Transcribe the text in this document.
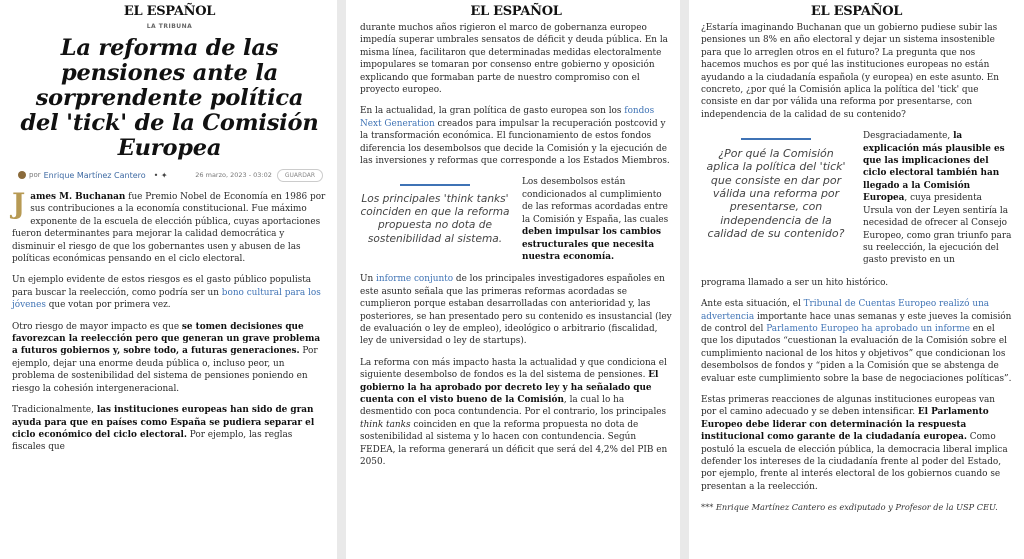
EL ESPAÑOL
LA TRIBUNA
La reforma de las pensiones ante la sorprendente política del 'tick' de la Comisión Europea
por Enrique Martínez Cantero • ✦	26 marzo, 2023 - 03:02	GUARDAR

James M. Buchanan fue Premio Nobel de Economía en 1986 por sus contribuciones a la economía constitucional. Fue máximo exponente de la escuela de elección pública, cuyas aportaciones fueron determinantes para mejorar la calidad democrática y disminuir el riesgo de que los gobernantes usen y abusen de las políticas económicas pensando en el ciclo electoral.

Un ejemplo evidente de estos riesgos es el gasto público populista para buscar la reelección, como podría ser un bono cultural para los jóvenes que votan por primera vez.

Otro riesgo de mayor impacto es que se tomen decisiones que favorezcan la reelección pero que generan un grave problema a futuros gobiernos y, sobre todo, a futuras generaciones. Por ejemplo, dejar una enorme deuda pública o, incluso peor, un problema de sostenibilidad del sistema de pensiones poniendo en riesgo la cohesión intergeneracional.

Tradicionalmente, las instituciones europeas han sido de gran ayuda para que en países como España se pudiera separar el ciclo económico del ciclo electoral. Por ejemplo, las reglas fiscales que

EL ESPAÑOL

durante muchos años rigieron el marco de gobernanza europeo impedía superar umbrales sensatos de déficit y deuda pública. En la misma línea, facilitaron que determinadas medidas electoralmente impopulares se tomaran por consenso entre gobierno y oposición explicando que formaban parte de nuestro compromiso con el proyecto europeo.

En la actualidad, la gran política de gasto europea son los fondos Next Generation creados para impulsar la recuperación postcovid y la transformación económica. El funcionamiento de estos fondos diferencia los desembolsos que decide la Comisión y la ejecución de las inversiones y reformas que corresponde a los Estados Miembros.

Los principales 'think tanks' coinciden en que la reforma propuesta no dota de sostenibilidad al sistema.

Los desembolsos están condicionados al cumplimiento de las reformas acordadas entre la Comisión y España, las cuales deben impulsar los cambios estructurales que necesita nuestra economía.

Un informe conjunto de los principales investigadores españoles en este asunto señala que las primeras reformas acordadas se cumplieron porque estaban desarrolladas con anterioridad y, las posteriores, se han presentado pero su contenido es insustancial (ley de evaluación o ley de empleo), ideológico o arbitrario (fiscalidad, ley de universidad o ley de startups).

La reforma con más impacto hasta la actualidad y que condiciona el siguiente desembolso de fondos es la del sistema de pensiones. El gobierno la ha aprobado por decreto ley y ha señalado que cuenta con el visto bueno de la Comisión, la cual lo ha desmentido con poca contundencia. Por el contrario, los principales think tanks coinciden en que la reforma propuesta no dota de sostenibilidad al sistema y lo hacen con contundencia. Según FEDEA, la reforma generará un déficit que será del 4,2% del PIB en 2050.

EL ESPAÑOL

¿Estaría imaginando Buchanan que un gobierno pudiese subir las pensiones un 8% en año electoral y dejar un sistema insostenible para que lo arreglen otros en el futuro? La pregunta que nos hacemos muchos es por qué las instituciones europeas no están ayudando a la ciudadanía española (y europea) en este asunto. En concreto, ¿por qué la Comisión aplica la política del 'tick' que consiste en dar por válida una reforma por presentarse, con independencia de la calidad de su contenido?

¿Por qué la Comisión aplica la política del 'tick' que consiste en dar por válida una reforma por presentarse, con independencia de la calidad de su contenido?

Desgraciadamente, la explicación más plausible es que las implicaciones del ciclo electoral también han llegado a la Comisión Europea, cuya presidenta Ursula von der Leyen sentiría la necesidad de ofrecer al Consejo Europeo, como gran triunfo para su reelección, la ejecución del gasto previsto en un

programa llamado a ser un hito histórico.

Ante esta situación, el Tribunal de Cuentas Europeo realizó una advertencia importante hace unas semanas y este jueves la comisión de control del Parlamento Europeo ha aprobado un informe en el que los diputados “cuestionan la evaluación de la Comisión sobre el cumplimiento nacional de los hitos y objetivos” que condicionan los desembolsos de fondos y “piden a la Comisión que se abstenga de evaluar este cumplimiento sobre la base de negociaciones políticas”.

Estas primeras reacciones de algunas instituciones europeas van por el camino adecuado y se deben intensificar. El Parlamento Europeo debe liderar con determinación la respuesta institucional como garante de la ciudadanía europea. Como postuló la escuela de elección pública, la democracia liberal implica defender los intereses de la ciudadanía frente al poder del Estado, por ejemplo, frente al interés electoral de los gobiernos cuando se presentan a la reelección.

*** Enrique Martínez Cantero es exdiputado y Profesor de la USP CEU.
